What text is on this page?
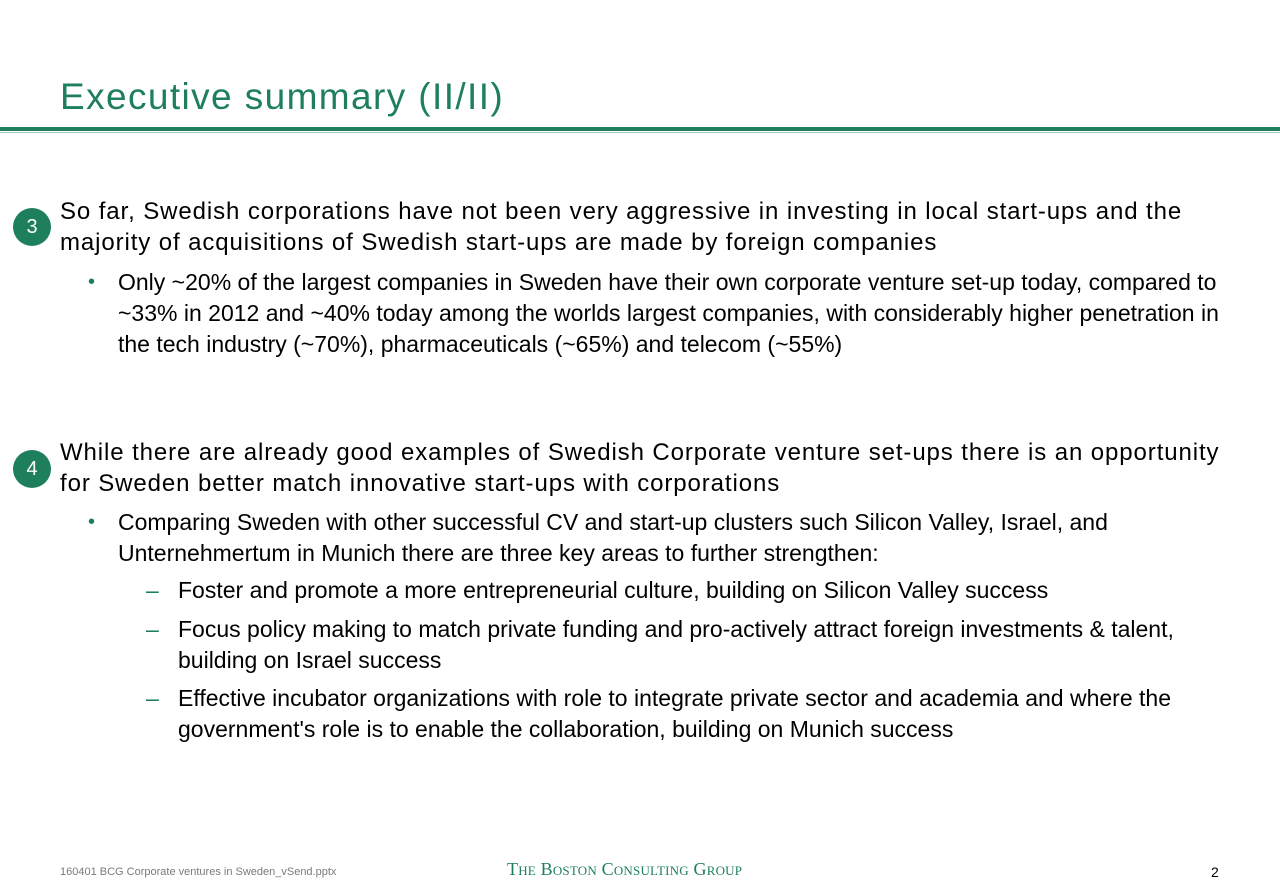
Executive summary (II/II)
3
So far, Swedish corporations have not been very aggressive in investing in local start-ups and the majority of acquisitions of Swedish start-ups are made by foreign companies
• Only ~20% of the largest companies in Sweden have their own corporate venture set-up today, compared to ~33% in 2012 and ~40% today among the worlds largest companies, with considerably higher penetration in the tech industry (~70%), pharmaceuticals (~65%) and telecom (~55%)
4
While there are already good examples of Swedish Corporate venture set-ups there is an opportunity for Sweden better match innovative start-ups with corporations
• Comparing Sweden with other successful CV and start-up clusters such Silicon Valley, Israel, and Unternehmertum in Munich there are three key areas to further strengthen:
– Foster and promote a more entrepreneurial culture, building on Silicon Valley success
– Focus policy making to match private funding and pro-actively attract foreign investments & talent, building on Israel success
– Effective incubator organizations with role to integrate private sector and academia and where the government's role is to enable the collaboration, building on Munich success
160401 BCG Corporate ventures in Sweden_vSend.pptx	The Boston Consulting Group	2
